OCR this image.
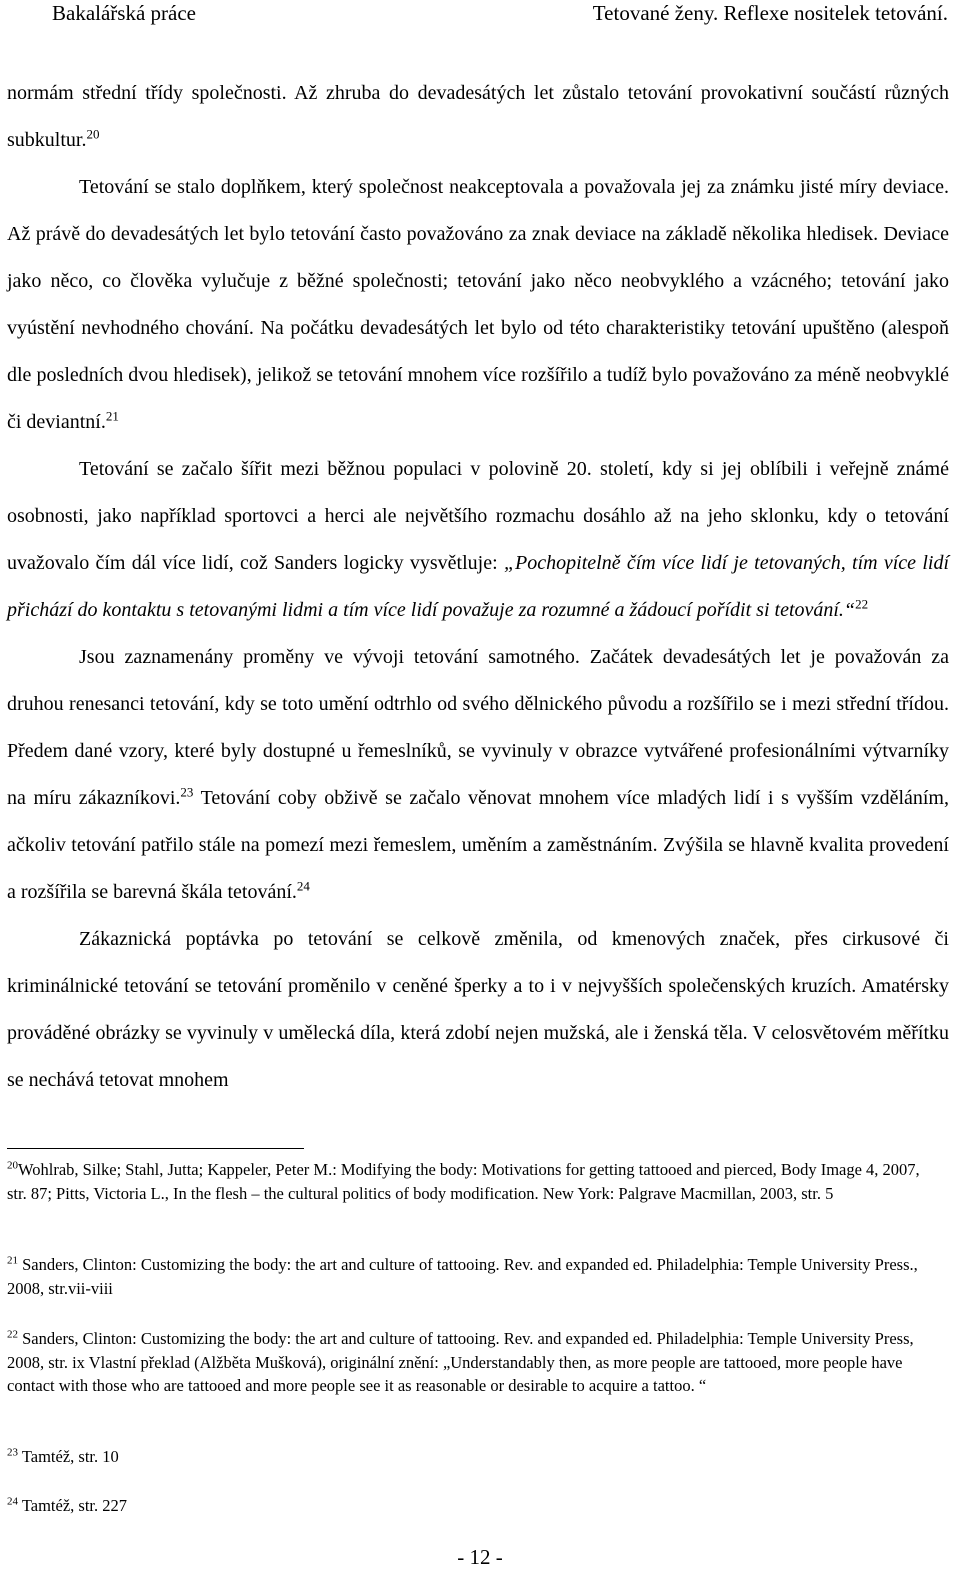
Bakalářská práce	Tetované ženy. Reflexe nositelek tetování.

normám střední třídy společnosti. Až zhruba do devadesátých let zůstalo tetování provokativní součástí různých subkultur.$^{20}$

Tetování se stalo doplňkem, který společnost neakceptovala a považovala jej za známku jisté míry deviace. Až právě do devadesátých let bylo tetování často považováno za znak deviace na základě několika hledisek. Deviace jako něco, co člověka vylučuje z běžné společnosti; tetování jako něco neobvyklého a vzácného; tetování jako vyústění nevhodného chování. Na počátku devadesátých let bylo od této charakteristiky tetování upuštěno (alespoň dle posledních dvou hledisek), jelikož se tetování mnohem více rozšířilo a tudíž bylo považováno za méně neobvyklé či deviantní.$^{21}$

Tetování se začalo šířit mezi běžnou populaci v polovině 20. století, kdy si jej oblíbili i veřejně známé osobnosti, jako například sportovci a herci ale největšího rozmachu dosáhlo až na jeho sklonku, kdy o tetování uvažovalo čím dál více lidí, což Sanders logicky vysvětluje: „Pochopitelně čím více lidí je tetovaných, tím více lidí přichází do kontaktu s tetovanými lidmi a tím více lidí považuje za rozumné a žádoucí pořídit si tetování.“$^{22}$

Jsou zaznamenány proměny ve vývoji tetování samotného. Začátek devadesátých let je považován za druhou renesanci tetování, kdy se toto umění odtrhlo od svého dělnického původu a rozšířilo se i mezi střední třídou. Předem dané vzory, které byly dostupné u řemeslníků, se vyvinuly v obrazce vytvářené profesionálními výtvarníky na míru zákazníkovi.$^{23}$ Tetování coby obživě se začalo věnovat mnohem více mladých lidí i s vyšším vzděláním, ačkoliv tetování patřilo stále na pomezí mezi řemeslem, uměním a zaměstnáním. Zvýšila se hlavně kvalita provedení a rozšířila se barevná škála tetování.$^{24}$

Zákaznická poptávka po tetování se celkově změnila, od kmenových značek, přes cirkusové či kriminálnické tetování se tetování proměnilo v ceněné šperky a to i v nejvyšších společenských kruzích. Amatérsky prováděné obrázky se vyvinuly v umělecká díla, která zdobí nejen mužská, ale i ženská těla. V celosvětovém měřítku se nechává tetovat mnohem

$^{20}$Wohlrab, Silke; Stahl, Jutta; Kappeler, Peter M.: Modifying the body: Motivations for getting tattooed and pierced, Body Image 4, 2007, str. 87; Pitts, Victoria L., In the flesh – the cultural politics of body modification. New York: Palgrave Macmillan, 2003, str. 5
$^{21}$ Sanders, Clinton: Customizing the body: the art and culture of tattooing. Rev. and expanded ed. Philadelphia: Temple University Press., 2008, str.vii-viii
$^{22}$ Sanders, Clinton: Customizing the body: the art and culture of tattooing. Rev. and expanded ed. Philadelphia: Temple University Press, 2008, str. ix Vlastní překlad (Alžběta Mušková), originální znění: „Understandably then, as more people are tattooed, more people have contact with those who are tattooed and more people see it as reasonable or desirable to acquire a tattoo. “
$^{23}$ Tamtéž, str. 10
$^{24}$ Tamtéž, str. 227
- 12 -
